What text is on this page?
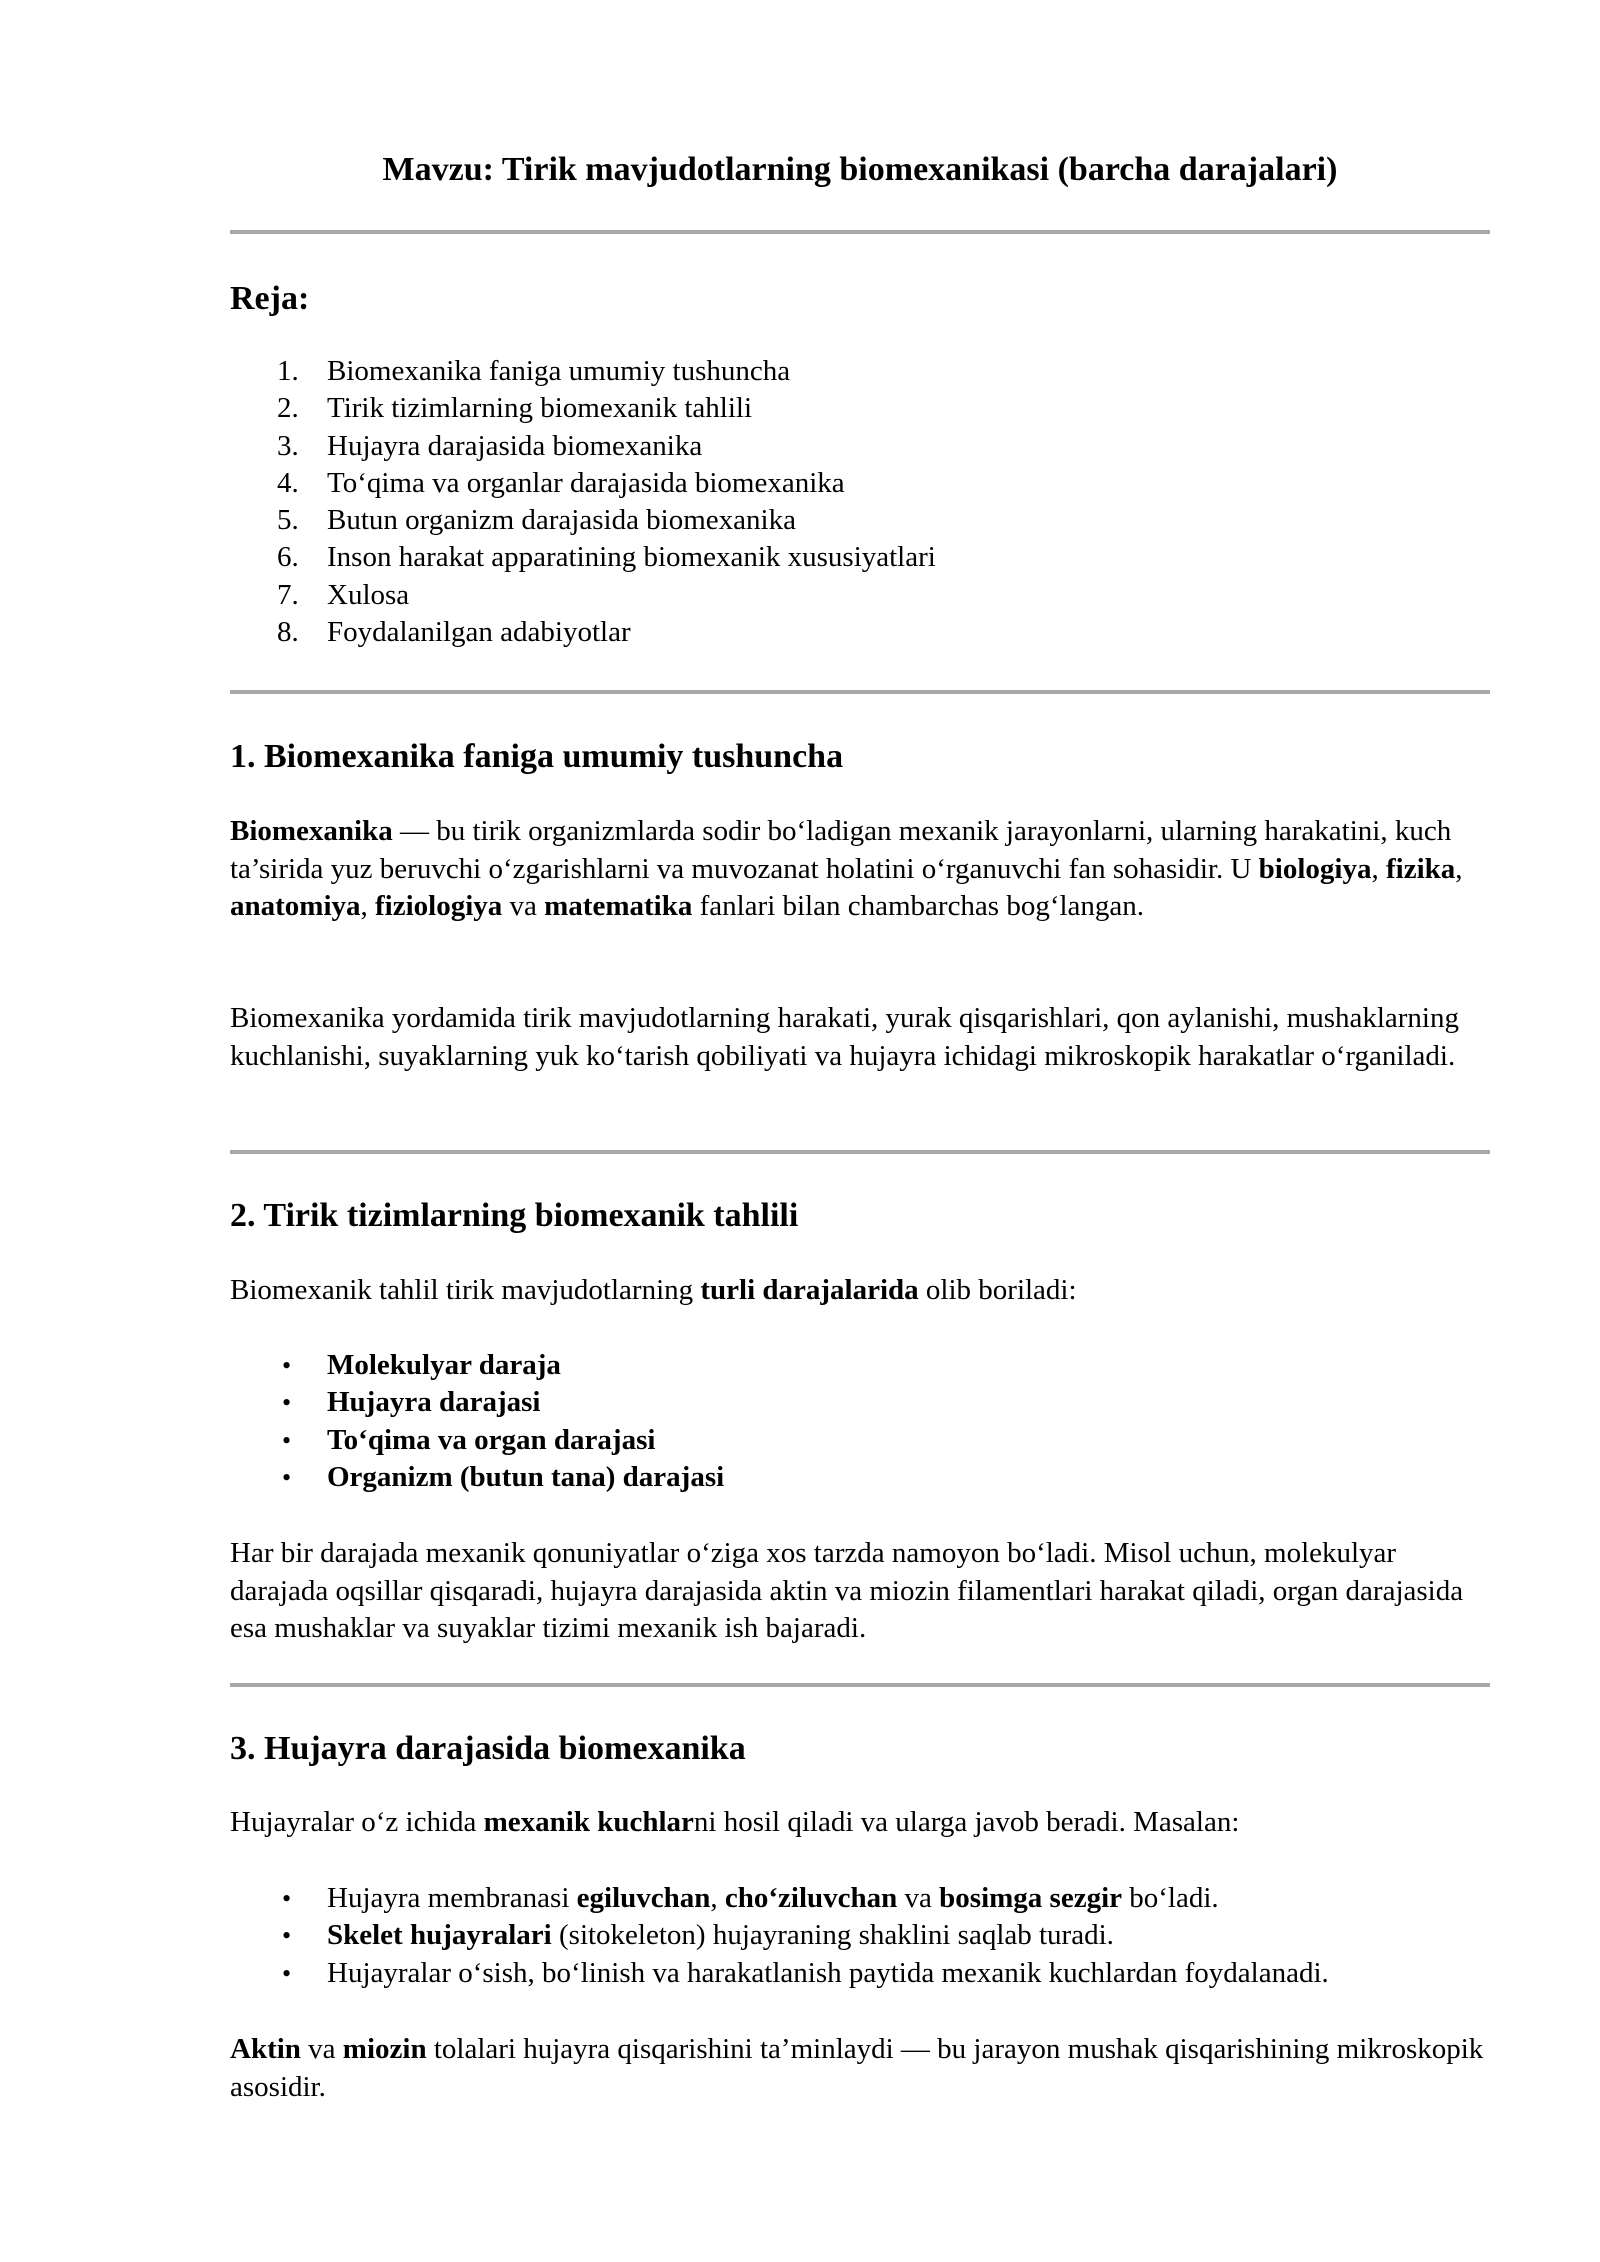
Mavzu: Tirik mavjudotlarning biomexanikasi (barcha darajalari)
Reja:
1. Biomexanika faniga umumiy tushuncha
2. Tirik tizimlarning biomexanik tahlili
3. Hujayra darajasida biomexanika
4. To‘qima va organlar darajasida biomexanika
5. Butun organizm darajasida biomexanika
6. Inson harakat apparatining biomexanik xususiyatlari
7. Xulosa
8. Foydalanilgan adabiyotlar
1. Biomexanika faniga umumiy tushuncha

Biomexanika — bu tirik organizmlarda sodir bo‘ladigan mexanik jarayonlarni, ularning harakatini, kuch ta’sirida yuz beruvchi o‘zgarishlarni va muvozanat holatini o‘rganuvchi fan sohasidir. U biologiya, fizika, anatomiya, fiziologiya va matematika fanlari bilan chambarchas bog‘langan.

Biomexanika yordamida tirik mavjudotlarning harakati, yurak qisqarishlari, qon aylanishi, mushaklarning kuchlanishi, suyaklarning yuk ko‘tarish qobiliyati va hujayra ichidagi mikroskopik harakatlar o‘rganiladi.

2. Tirik tizimlarning biomexanik tahlili

Biomexanik tahlil tirik mavjudotlarning turli darajalarida olib boriladi:

• Molekulyar daraja
• Hujayra darajasi
• To‘qima va organ darajasi
• Organizm (butun tana) darajasi

Har bir darajada mexanik qonuniyatlar o‘ziga xos tarzda namoyon bo‘ladi. Misol uchun, molekulyar darajada oqsillar qisqaradi, hujayra darajasida aktin va miozin filamentlari harakat qiladi, organ darajasida esa mushaklar va suyaklar tizimi mexanik ish bajaradi.

3. Hujayra darajasida biomexanika

Hujayralar o‘z ichida mexanik kuchlarni hosil qiladi va ularga javob beradi. Masalan:

• Hujayra membranasi egiluvchan, cho‘ziluvchan va bosimga sezgir bo‘ladi.
• Skelet hujayralari (sitokeleton) hujayraning shaklini saqlab turadi.
• Hujayralar o‘sish, bo‘linish va harakatlanish paytida mexanik kuchlardan foydalanadi.

Aktin va miozin tolalari hujayra qisqarishini ta’minlaydi — bu jarayon mushak qisqarishining mikroskopik asosidir.
